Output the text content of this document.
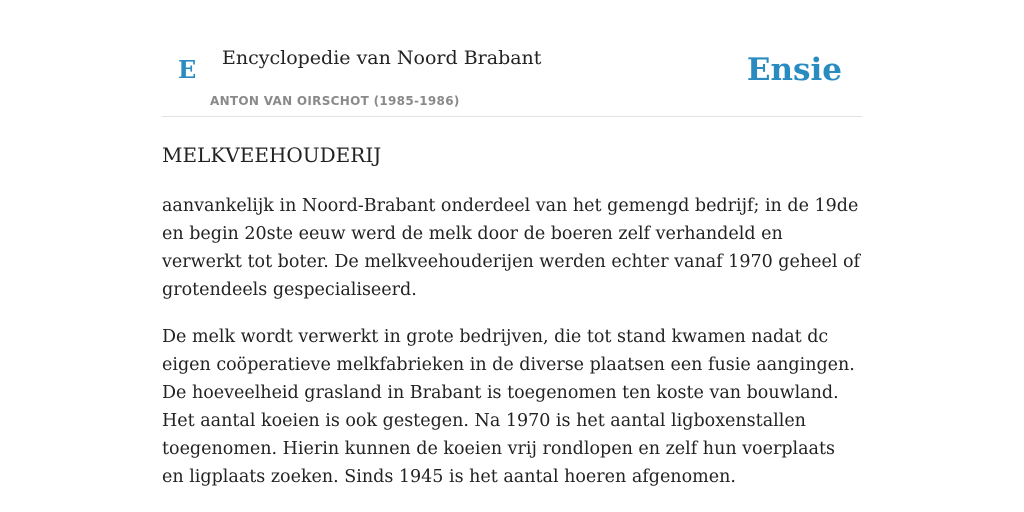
E Encyclopedie van Noord Brabant
ANTON VAN OIRSCHOT (1985-1986)
Ensie
MELKVEEHOUDERIJ

aanvankelijk in Noord-Brabant onderdeel van het gemengd bedrijf; in de 19de en begin 20ste eeuw werd de melk door de boeren zelf verhandeld en verwerkt tot boter. De melkveehouderijen werden echter vanaf 1970 geheel of grotendeels gespecialiseerd.

De melk wordt verwerkt in grote bedrijven, die tot stand kwamen nadat dc eigen coöperatieve melkfabrieken in de diverse plaatsen een fusie aangingen. De hoeveelheid grasland in Brabant is toegenomen ten koste van bouwland. Het aantal koeien is ook gestegen. Na 1970 is het aantal ligboxenstallen toegenomen. Hierin kunnen de koeien vrij rondlopen en zelf hun voerplaats en ligplaats zoeken. Sinds 1945 is het aantal hoeren afgenomen.
